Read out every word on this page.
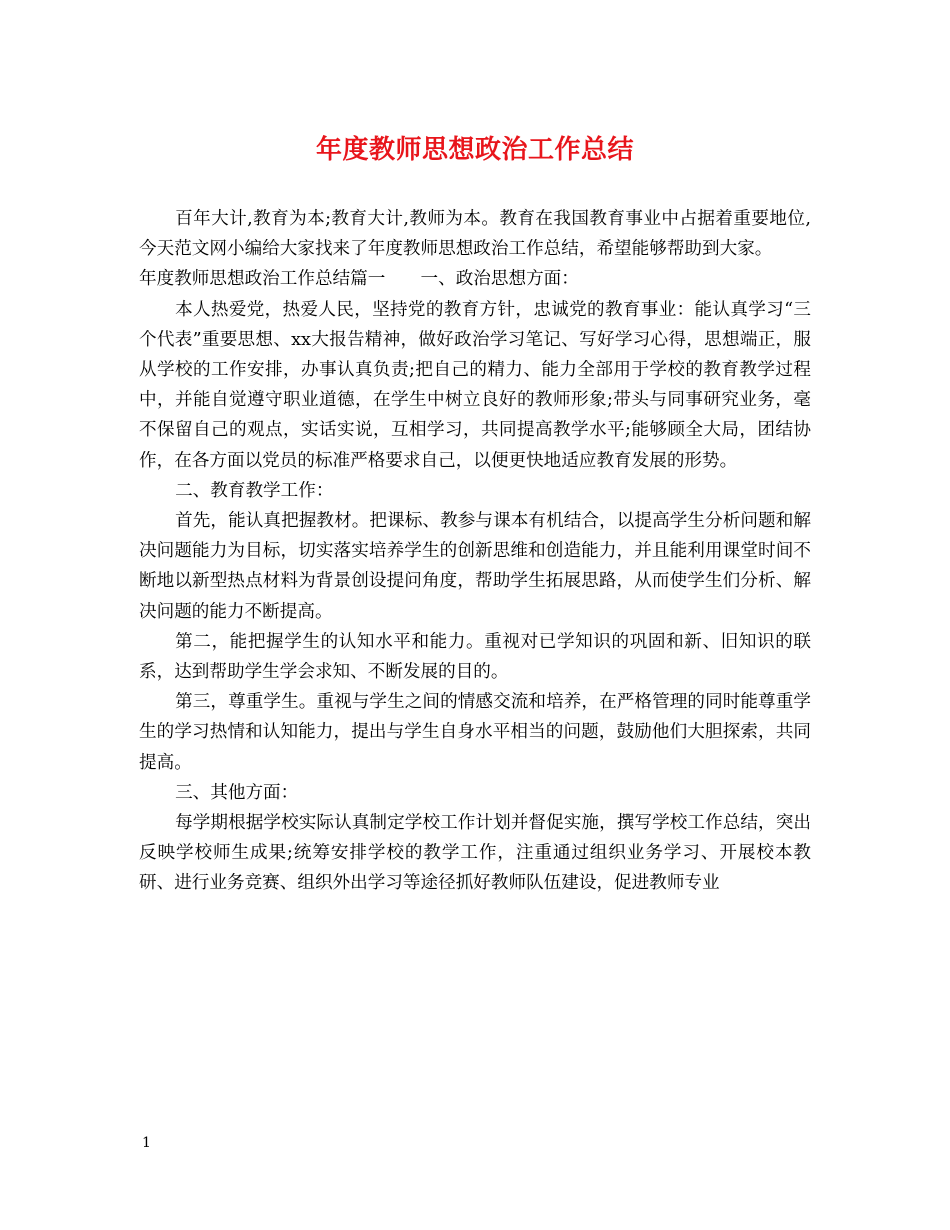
年度教师思想政治工作总结

百年大计,教育为本;教育大计,教师为本。教育在我国教育事业中占据着重要地位,今天范文网小编给大家找来了年度教师思想政治工作总结，希望能够帮助到大家。

年度教师思想政治工作总结篇一　　一、政治思想方面：

本人热爱党，热爱人民，坚持党的教育方针，忠诚党的教育事业：能认真学习“三个代表”重要思想、xx大报告精神，做好政治学习笔记、写好学习心得，思想端正，服从学校的工作安排，办事认真负责;把自己的精力、能力全部用于学校的教育教学过程中，并能自觉遵守职业道德，在学生中树立良好的教师形象;带头与同事研究业务，毫不保留自己的观点，实话实说，互相学习，共同提高教学水平;能够顾全大局，团结协作，在各方面以党员的标准严格要求自己，以便更快地适应教育发展的形势。

二、教育教学工作：

首先，能认真把握教材。把课标、教参与课本有机结合，以提高学生分析问题和解决问题能力为目标，切实落实培养学生的创新思维和创造能力，并且能利用课堂时间不断地以新型热点材料为背景创设提问角度，帮助学生拓展思路，从而使学生们分析、解决问题的能力不断提高。

第二，能把握学生的认知水平和能力。重视对已学知识的巩固和新、旧知识的联系，达到帮助学生学会求知、不断发展的目的。

第三，尊重学生。重视与学生之间的情感交流和培养，在严格管理的同时能尊重学生的学习热情和认知能力，提出与学生自身水平相当的问题，鼓励他们大胆探索，共同提高。

三、其他方面：

每学期根据学校实际认真制定学校工作计划并督促实施，撰写学校工作总结，突出反映学校师生成果;统筹安排学校的教学工作，注重通过组织业务学习、开展校本教研、进行业务竞赛、组织外出学习等途径抓好教师队伍建设，促进教师专业

1
